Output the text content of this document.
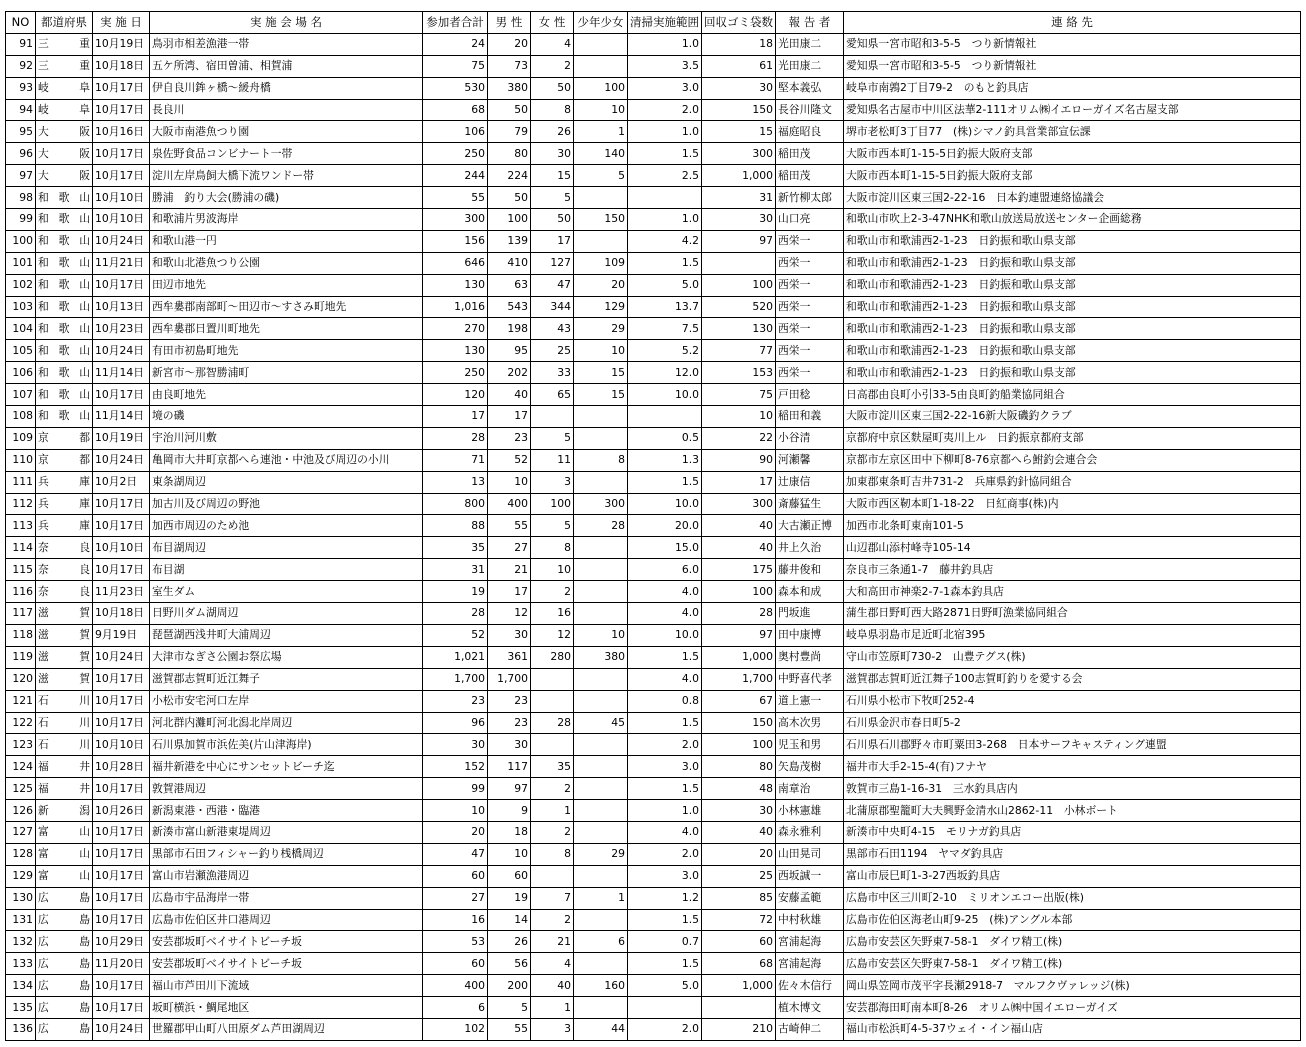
NO	都道府県	実 施 日	実 施 会 場 名	参加者合計	男 性	女 性	少年少女	清掃実施範囲	回収ゴミ袋数	報 告 者	連 絡 先
91	三　　重	10月19日	鳥羽市相差漁港一帯	24	20	4		1.0	18	光田康二	愛知県一宮市昭和3-5-5　つり新情報社
92	三　　重	10月18日	五ケ所湾、宿田曽浦、相賀浦	75	73	2		3.5	61	光田康二	愛知県一宮市昭和3-5-5　つり新情報社
93	岐　　阜	10月17日	伊自良川鉾ヶ橋～緩舟橋	530	380	50	100	3.0	30	堅本義弘	岐阜市南鶉2丁目79-2　のもと釣具店
94	岐　　阜	10月17日	長良川	68	50	8	10	2.0	150	長谷川隆文	愛知県名古屋市中川区法華2-111オリム㈱イエローガイズ名古屋支部
95	大　　阪	10月16日	大阪市南港魚つり園	106	79	26	1	1.0	15	福庭昭良	堺市老松町3丁目77　(株)シマノ釣具営業部宣伝課
96	大　　阪	10月17日	泉佐野食品コンビナート一帯	250	80	30	140	1.5	300	稲田茂	大阪市西本町1-15-5日釣振大阪府支部
97	大　　阪	10月17日	淀川左岸鳥飼大橋下流ワンドー帯	244	224	15	5	2.5	1,000	稲田茂	大阪市西本町1-15-5日釣振大阪府支部
98	和 歌 山	10月10日	勝浦　釣り大会(勝浦の磯)	55	50	5			31	新竹柳太郎	大阪市淀川区東三国2-22-16　日本釣連盟連絡協議会
99	和 歌 山	10月10日	和歌浦片男波海岸	300	100	50	150	1.0	30	山口亮	和歌山市吹上2-3-47NHK和歌山放送局放送センター企画総務
100	和 歌 山	10月24日	和歌山港一円	156	139	17		4.2	97	西栄一	和歌山市和歌浦西2-1-23　日釣振和歌山県支部
101	和 歌 山	11月21日	和歌山北港魚つり公園	646	410	127	109	1.5		西栄一	和歌山市和歌浦西2-1-23　日釣振和歌山県支部
102	和 歌 山	10月17日	田辺市地先	130	63	47	20	5.0	100	西栄一	和歌山市和歌浦西2-1-23　日釣振和歌山県支部
103	和 歌 山	10月13日	西牟婁郡南部町～田辺市～すさみ町地先	1,016	543	344	129	13.7	520	西栄一	和歌山市和歌浦西2-1-23　日釣振和歌山県支部
104	和 歌 山	10月23日	西牟婁郡日置川町地先	270	198	43	29	7.5	130	西栄一	和歌山市和歌浦西2-1-23　日釣振和歌山県支部
105	和 歌 山	10月24日	有田市初島町地先	130	95	25	10	5.2	77	西栄一	和歌山市和歌浦西2-1-23　日釣振和歌山県支部
106	和 歌 山	11月14日	新宮市～那智勝浦町	250	202	33	15	12.0	153	西栄一	和歌山市和歌浦西2-1-23　日釣振和歌山県支部
107	和 歌 山	10月17日	由良町地先	120	40	65	15	10.0	75	戸田稔	日高郡由良町小引33-5由良町釣船業協同組合
108	和 歌 山	11月14日	境の磯	17	17				10	稲田和義	大阪市淀川区東三国2-22-16新大阪磯釣クラブ
109	京　　都	10月19日	宇治川河川敷	28	23	5		0.5	22	小谷清	京都府中京区麩屋町夷川上ル　日釣振京都府支部
110	京　　都	10月24日	亀岡市大井町京都へら連池・中池及び周辺の小川	71	52	11	8	1.3	90	河瀬馨	京都市左京区田中下柳町8-76京都へら鮒釣会連合会
111	兵　　庫	10月2日	東条湖周辺	13	10	3		1.5	17	辻康信	加東郡東条町吉井731-2　兵庫県釣針協同組合
112	兵　　庫	10月17日	加古川及び周辺の野池	800	400	100	300	10.0	300	斎藤猛生	大阪市西区靭本町1-18-22　日紅商事(株)内
113	兵　　庫	10月17日	加西市周辺のため池	88	55	5	28	20.0	40	大古瀬正博	加西市北条町東南101-5
114	奈　　良	10月10日	布目湖周辺	35	27	8		15.0	40	井上久治	山辺郡山添村峰寺105-14
115	奈　　良	10月17日	布目湖	31	21	10		6.0	175	藤井俊和	奈良市三条通1-7　藤井釣具店
116	奈　　良	11月23日	室生ダム	19	17	2		4.0	100	森本和成	大和高田市神楽2-7-1森本釣具店
117	滋　　賀	10月18日	日野川ダム湖周辺	28	12	16		4.0	28	門坂進	蒲生郡日野町西大路2871日野町漁業協同組合
118	滋　　賀	9月19日	琵琶湖西浅井町大浦周辺	52	30	12	10	10.0	97	田中康博	岐阜県羽島市足近町北宿395
119	滋　　賀	10月24日	大津市なぎさ公園お祭広場	1,021	361	280	380	1.5	1,000	奥村豊尚	守山市笠原町730-2　山豊テグス(株)
120	滋　　賀	10月17日	滋賀郡志賀町近江舞子	1,700	1,700			4.0	1,700	中野喜代孝	滋賀郡志賀町近江舞子100志賀町釣りを愛する会
121	石　　川	10月17日	小松市安宅河口左岸	23	23			0.8	67	道上憲一	石川県小松市下牧町252-4
122	石　　川	10月17日	河北群内灘町河北潟北岸周辺	96	23	28	45	1.5	150	高木次男	石川県金沢市春日町5-2
123	石　　川	10月10日	石川県加賀市浜佐美(片山津海岸)	30	30			2.0	100	児玉和男	石川県石川郡野々市町粟田3-268　日本サーフキャスティング連盟
124	福　　井	10月28日	福井新港を中心にサンセットビーチ迄	152	117	35		3.0	80	矢島茂樹	福井市大手2-15-4(有)フナヤ
125	福　　井	10月17日	敦賀港周辺	99	97	2		1.5	48	南章治	敦賀市三島1-16-31　三水釣具店内
126	新　　潟	10月26日	新潟東港・西港・臨港	10	9	1		1.0	30	小林憲雄	北蒲原郡聖籠町大夫興野金清水山2862-11　小林ボート
127	富　　山	10月17日	新湊市富山新港東堤周辺	20	18	2		4.0	40	森永雅利	新湊市中央町4-15　モリナガ釣具店
128	富　　山	10月17日	黒部市石田フィシャー釣り桟橋周辺	47	10	8	29	2.0	20	山田晃司	黒部市石田1194　ヤマダ釣具店
129	富　　山	10月17日	富山市岩瀬漁港周辺	60	60			3.0	25	西坂誠一	富山市辰巳町1-3-27西坂釣具店
130	広　　島	10月17日	広島市宇品海岸一帯	27	19	7	1	1.2	85	安藤孟範	広島市中区三川町2-10　ミリオンエコー出版(株)
131	広　　島	10月17日	広島市佐伯区井口港周辺	16	14	2		1.5	72	中村秋雄	広島市佐伯区海老山町9-25　(株)アングル本部
132	広　　島	10月29日	安芸郡坂町ベイサイトビーチ坂	53	26	21	6	0.7	60	宮浦起海	広島市安芸区矢野東7-58-1　ダイワ精工(株)
133	広　　島	11月20日	安芸郡坂町ベイサイトビーチ坂	60	56	4		1.5	68	宮浦起海	広島市安芸区矢野東7-58-1　ダイワ精工(株)
134	広　　島	10月17日	福山市芦田川下流域	400	200	40	160	5.0	1,000	佐々木信行	岡山県笠岡市茂平字長瀬2918-7　マルフクヴァレッジ(株)
135	広　　島	10月17日	坂町横浜・鯛尾地区	6	5	1				植木博文	安芸郡海田町南本町8-26　オリム㈱中国イエローガイズ
136	広　　島	10月24日	世羅郡甲山町八田原ダム芦田湖周辺	102	55	3	44	2.0	210	古崎伸二	福山市松浜町4-5-37ウェイ・イン福山店
